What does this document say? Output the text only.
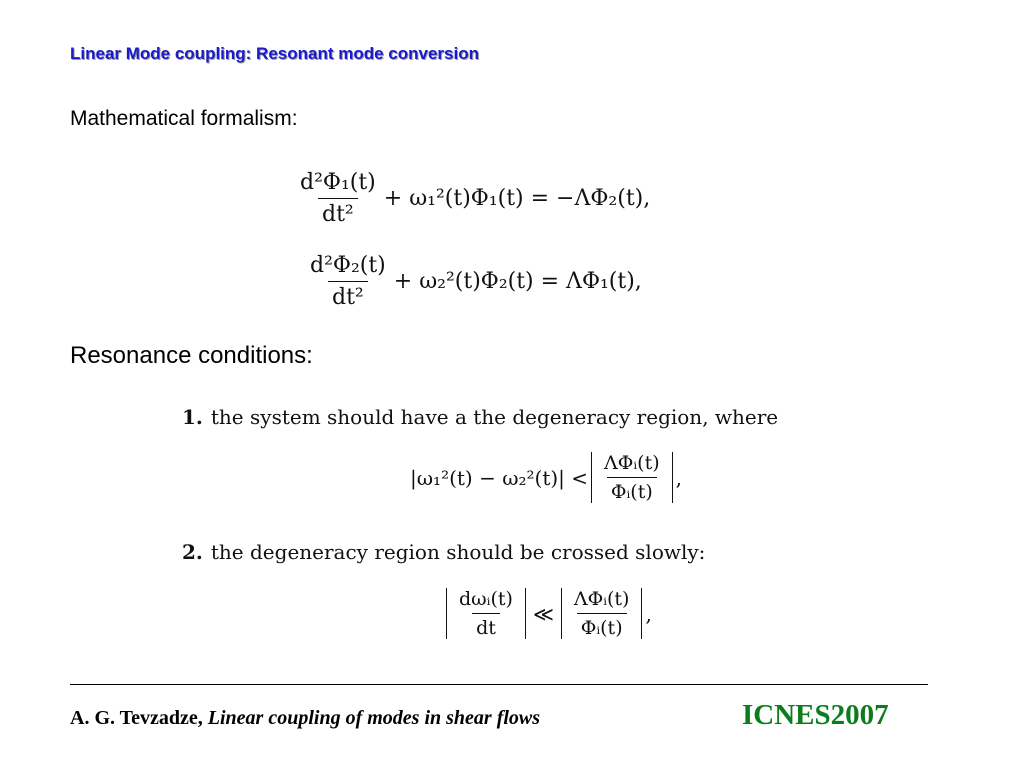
Linear Mode coupling: Resonant mode conversion
Mathematical formalism:
$\frac{\text{d²Φ₁(t)}}{\text{dt²}} + \omega_1^2(t)\Phi_1(t) = -\Lambda\Phi_2(t)$,
$\frac{\text{d²Φ₂(t)}}{\text{dt²}} + \omega_2^2(t)\Phi_2(t) = \Lambda\Phi_1(t)$,
Resonance conditions:
1. the system should have a the degeneracy region, where
$|\omega_1^2(t) - \omega_2^2(t)| < \frac{\text{ΛΦᵢ(t)}}{\text{Φᵢ(t)}}$ ,
2. the degeneracy region should be crossed slowly:
$\frac{\text{dωᵢ(t)}}{dt}$ ≪ $\frac{\text{ΛΦᵢ(t)}}{\text{Φᵢ(t)}}$ ,
A. G. Tevzadze, Linear coupling of modes in shear flows	ICNES2007
